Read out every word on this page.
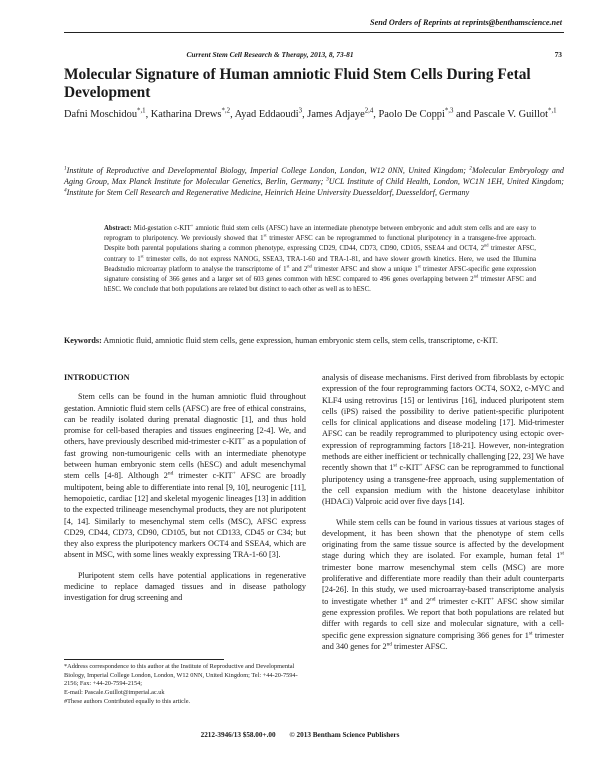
Send Orders of Reprints at reprints@benthamscience.net
Current Stem Cell Research & Therapy, 2013, 8, 73-81	73
Molecular Signature of Human amniotic Fluid Stem Cells During Fetal Development
Dafni Moschidou$^{*,1}$, Katharina Drews$^{*,2}$, Ayad Eddaoudi$^3$, James Adjaye$^{2,4}$, Paolo De Coppi$^{*,3}$ and Pascale V. Guillot$^{*,1}$
$^1$Institute of Reproductive and Developmental Biology, Imperial College London, London, W12 0NN, United Kingdom; $^2$Molecular Embryology and Aging Group, Max Planck Institute for Molecular Genetics, Berlin, Germany; $^3$UCL Institute of Child Health, London, WC1N 1EH, United Kingdom; $^4$Institute for Stem Cell Research and Regenerative Medicine, Heinrich Heine University Duesseldorf, Duesseldorf, Germany
Abstract: Mid-gestation c-KIT+ amniotic fluid stem cells (AFSC) have an intermediate phenotype between embryonic and adult stem cells and are easy to reprogram to pluripotency. We previously showed that 1st trimester AFSC can be reprogrammed to functional pluripotency in a transgene-free approach. Despite both parental populations sharing a common phenotype, expressing CD29, CD44, CD73, CD90, CD105, SSEA4 and OCT4, 2nd trimester AFSC, contrary to 1st trimester cells, do not express NANOG, SSEA3, TRA-1-60 and TRA-1-81, and have slower growth kinetics. Here, we used the Illumina Beadstudio microarray platform to analyse the transcriptome of 1st and 2nd trimester AFSC and show a unique 1st trimester AFSC-specific gene expression signature consisting of 366 genes and a larger set of 603 genes common with hESC compared to 496 genes overlapping between 2nd trimester AFSC and hESC. We conclude that both populations are related but distinct to each other as well as to hESC.
Keywords: Amniotic fluid, amniotic fluid stem cells, gene expression, human embryonic stem cells, stem cells, transcriptome, c-KIT.
INTRODUCTION

Stem cells can be found in the human amniotic fluid throughout gestation. Amniotic fluid stem cells (AFSC) are free of ethical constrains, can be readily isolated during prenatal diagnostic [1], and thus hold promise for cell-based therapies and tissues engineering [2-4]. We, and others, have previously described mid-trimester c-KIT+ as a population of fast growing non-tumourigenic cells with an intermediate phenotype between human embryonic stem cells (hESC) and adult mesenchymal stem cells [4-8]. Although 2nd trimester c-KIT+ AFSC are broadly multipotent, being able to differentiate into renal [9, 10], neurogenic [11], hemopoietic, cardiac [12] and skeletal myogenic lineages [13] in addition to the expected trilineage mesenchymal products, they are not pluripotent [4, 14]. Similarly to mesenchymal stem cells (MSC), AFSC express CD29, CD44, CD73, CD90, CD105, but not CD133, CD45 or C34; but they also express the pluripotency markers OCT4 and SSEA4, which are absent in MSC, with some lines weakly expressing TRA-1-60 [3].

Pluripotent stem cells have potential applications in regenerative medicine to replace damaged tissues and in disease pathology investigation for drug screening and

analysis of disease mechanisms. First derived from fibroblasts by ectopic expression of the four reprogramming factors OCT4, SOX2, c-MYC and KLF4 using retrovirus [15] or lentivirus [16], induced pluripotent stem cells (iPS) raised the possibility to derive patient-specific pluripotent cells for clinical applications and disease modeling [17]. Mid-trimester AFSC can be readily reprogrammed to pluripotency using ectopic over-expression of reprogramming factors [18-21]. However, non-integration methods are either inefficient or technically challenging [22, 23] We have recently shown that 1st c-KIT+ AFSC can be reprogrammed to functional pluripotency using a transgene-free approach, using supplementation of the cell expansion medium with the histone deacetylase inhibitor (HDACi) Valproic acid over five days [14].

While stem cells can be found in various tissues at various stages of development, it has been shown that the phenotype of stem cells originating from the same tissue source is affected by the development stage during which they are isolated. For example, human fetal 1st trimester bone marrow mesenchymal stem cells (MSC) are more proliferative and differentiate more readily than their adult counterparts [24-26]. In this study, we used microarray-based transcriptome analysis to investigate whether 1st and 2nd trimester c-KIT+ AFSC show similar gene expression profiles. We report that both populations are related but differ with regards to cell size and molecular signature, with a cell-specific gene expression signature comprising 366 genes for 1st trimester and 340 genes for 2nd trimester AFSC.

*Address correspondence to this author at the Institute of Reproductive and Developmental Biology, Imperial College London, London, W12 0NN, United Kingdom; Tel: +44-20-7594-2156; Fax: +44-20-7594-2154;
E-mail: Pascale.Guillot@imperial.ac.uk
#These authors Contributed equally to this article.
2212-3946/13 $58.00+.00 © 2013 Bentham Science Publishers
